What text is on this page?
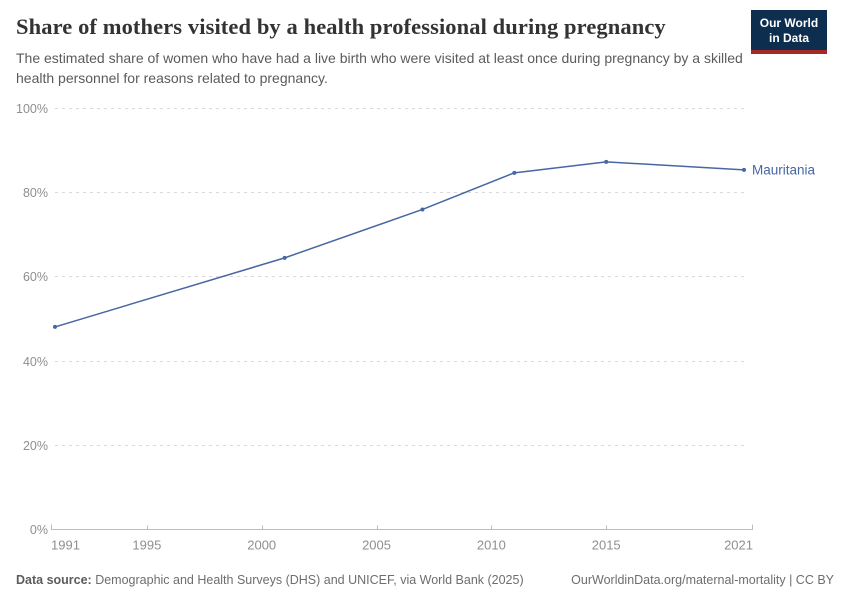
0%
20%
40%
60%
80%
100%
1991	1995	2000	2005	2010	2015	2021
Mauritania
Share of mothers visited by a health professional during pregnancy
The estimated share of women who have had a live birth who were visited at least once during pregnancy by a skilled health personnel for reasons related to pregnancy.
Our World
in Data
Data source: Demographic and Health Surveys (DHS) and UNICEF, via World Bank (2025)	OurWorldinData.org/maternal-mortality | CC BY
